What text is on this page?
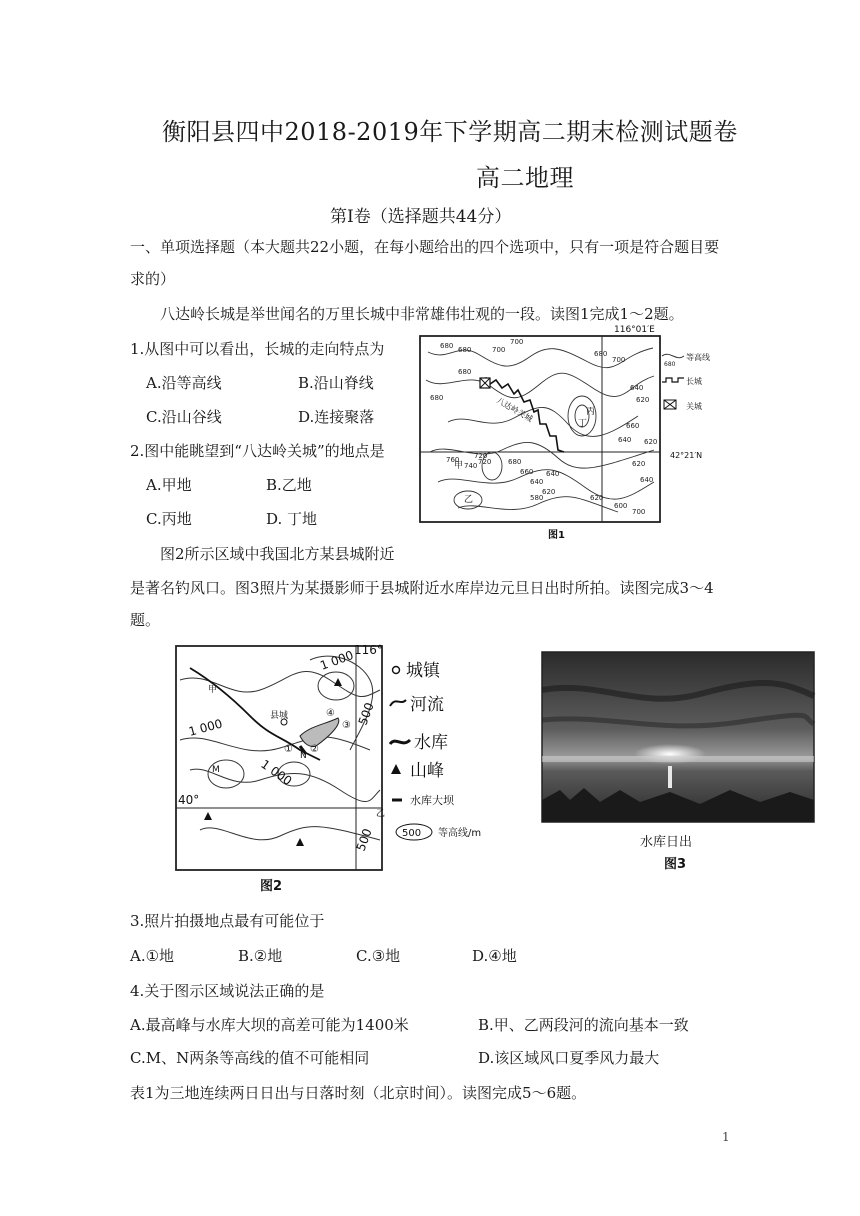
衡阳县四中2018-2019年下学期高二期末检测试题卷
高二地理
第Ⅰ卷（选择题共44分）
一、单项选择题（本大题共22小题，在每小题给出的四个选项中，只有一项是符合题目要
求的）
八达岭长城是举世闻名的万里长城中非常雄伟壮观的一段。读图1完成1～2题。
1.从图中可以看出，长城的走向特点为
A.沿等高线	B.沿山脊线
C.沿山谷线	D.连接聚落
2.图中能眺望到“八达岭关城”的地点是
A.甲地	B.乙地
C.丙地	D. 丁地
图2所示区域中我国北方某县城附近
是著名钓风口。图3照片为某摄影师于县城附近水库岸边元旦日出时所拍。读图完成3～4
题。
八达岭关城
116°01′E
42°21′N
680
680
700
680
700
640
620
620
620
640
660
680
700
720
760
740 720 680
660
640
620
580
640
620
600
700
680
640
甲
乙
丙
丁
图1
680
等高线
长城
关城
116°
40°
1 000
1 000
1 000
500
500
甲
县城
M
N
乙
① ②
③
④
图2
城镇
河流
水库
山峰
水库大坝
500 等高线/m
水库日出
图3
3.照片拍摄地点最有可能位于
A.①地	B.②地	C.③地	D.④地
4.关于图示区域说法正确的是
A.最高峰与水库大坝的高差可能为1400米	B.甲、乙两段河的流向基本一致
C.M、N两条等高线的值不可能相同	D.该区域风口夏季风力最大
表1为三地连续两日日出与日落时刻（北京时间）。读图完成5～6题。
1
